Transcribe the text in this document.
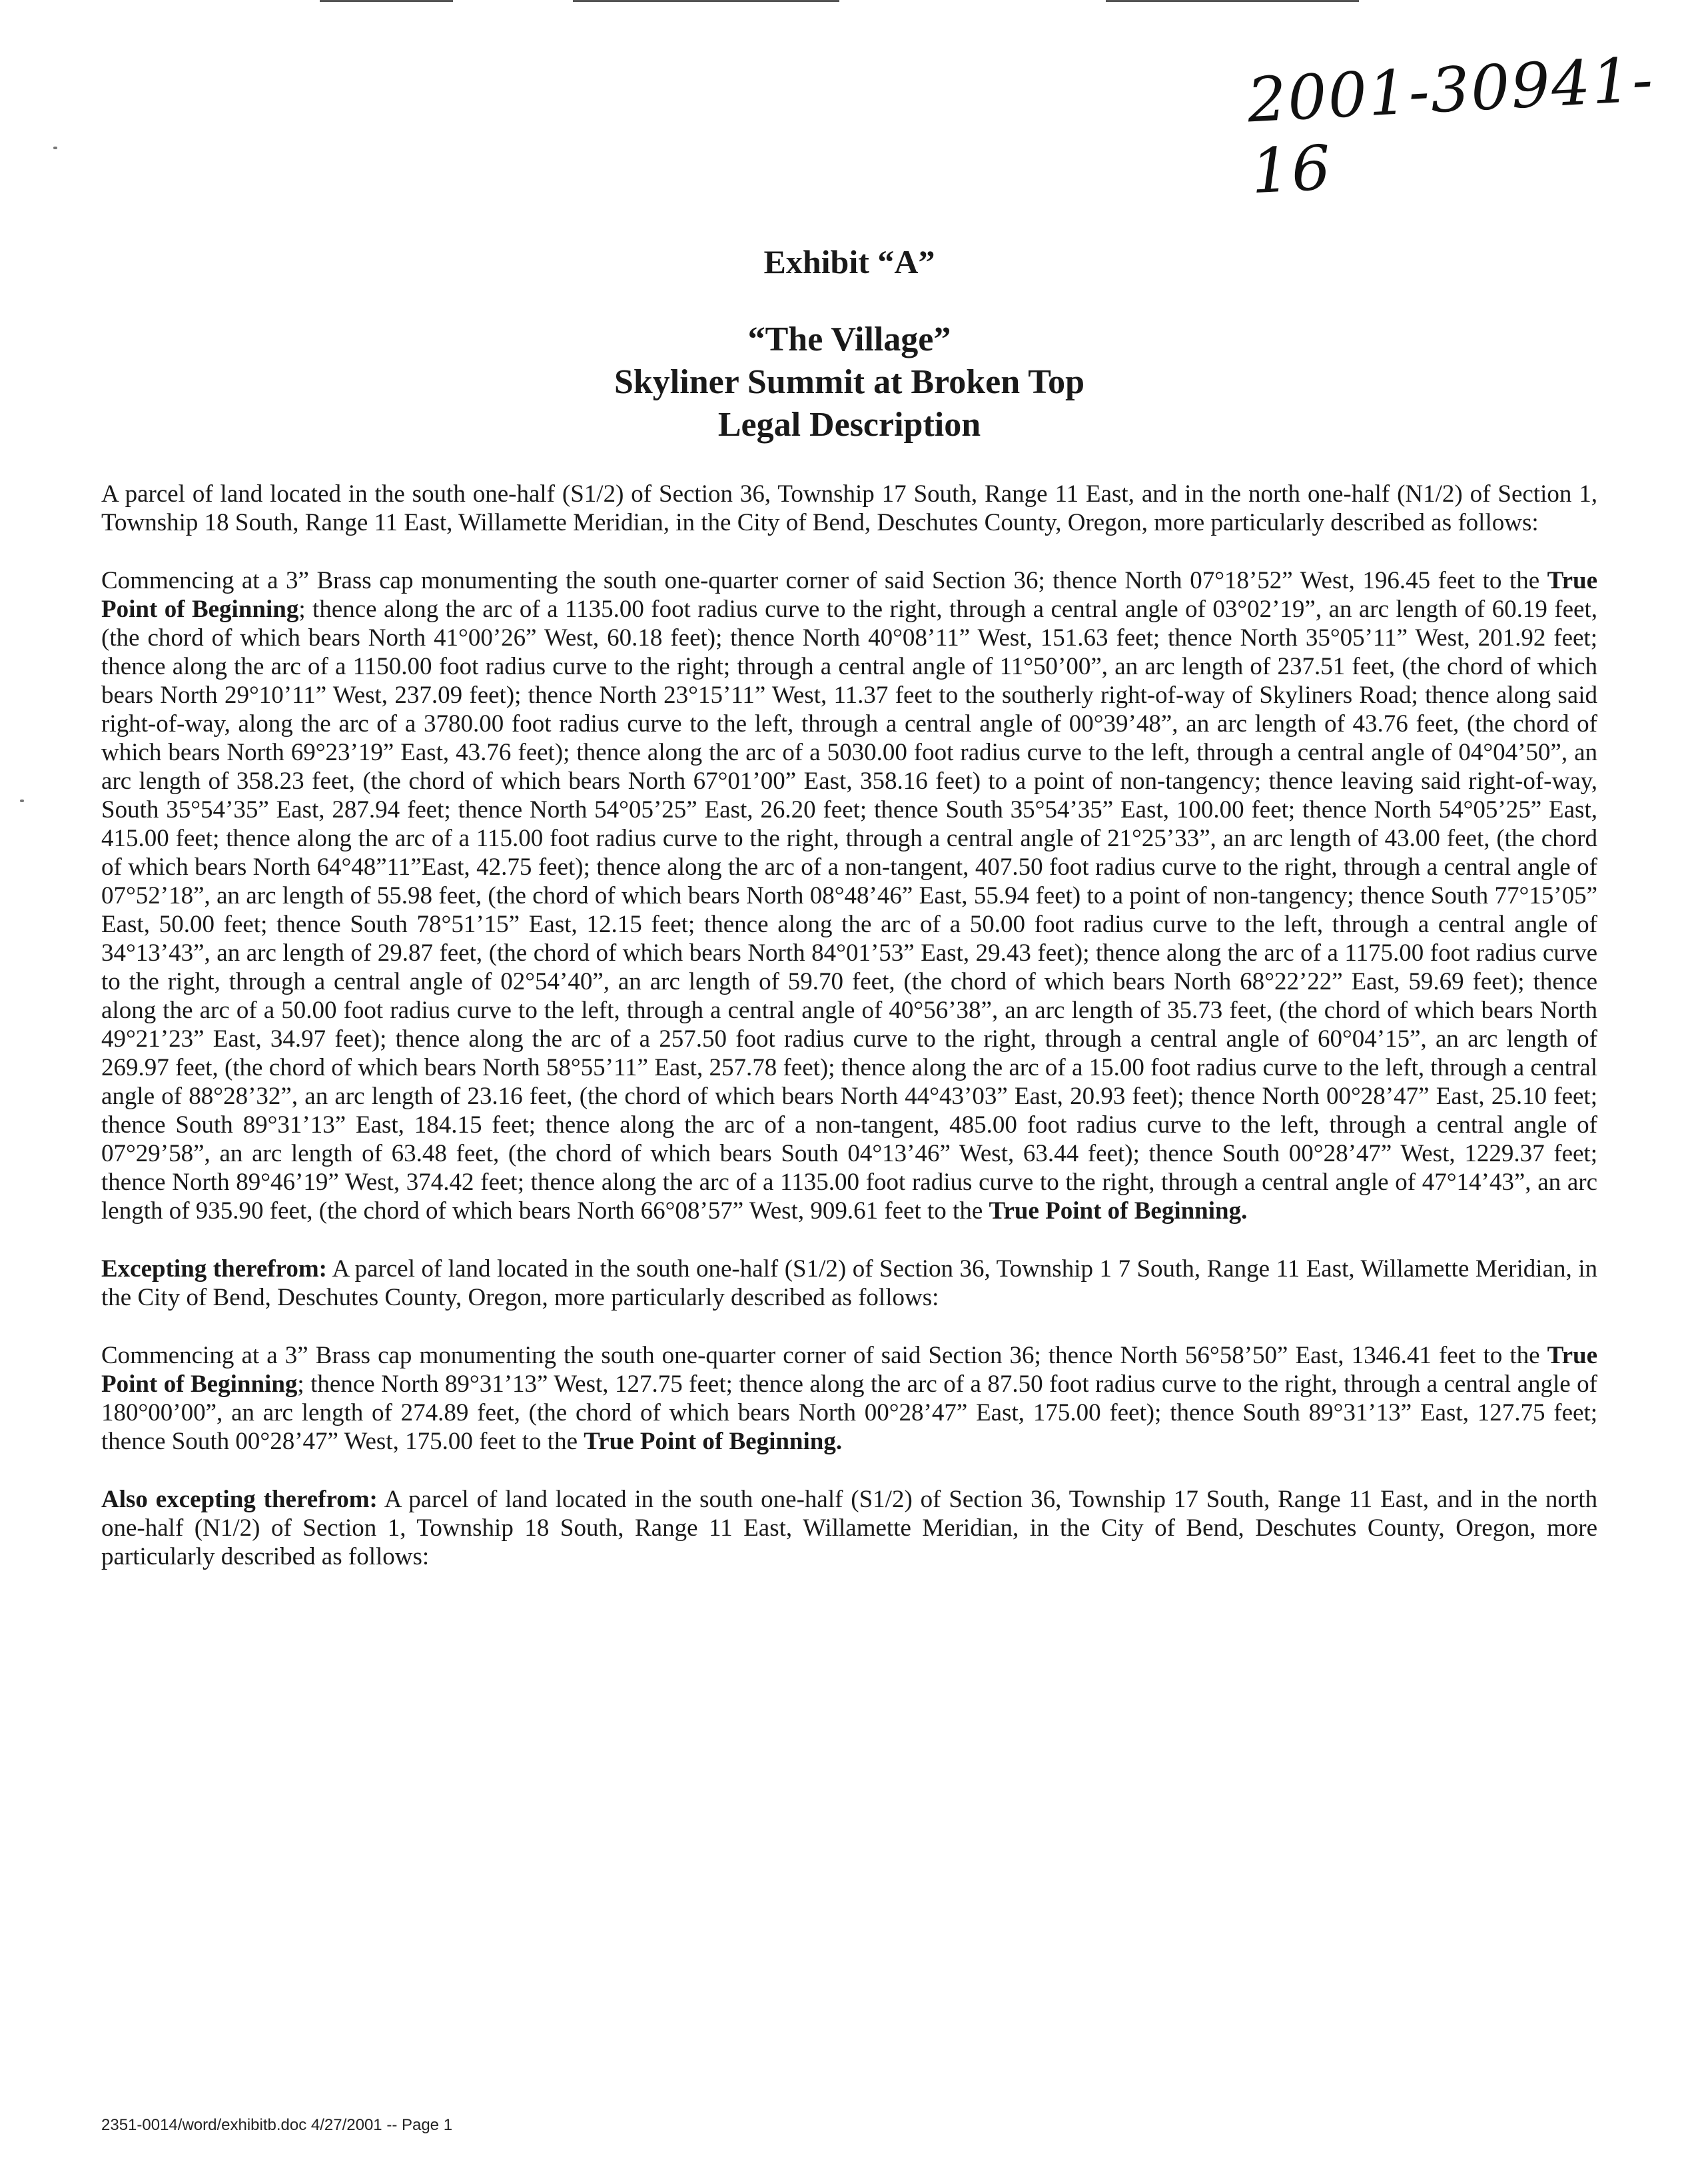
2001-30941-16
Exhibit “A”
“The Village”
Skyliner Summit at Broken Top
Legal Description

A parcel of land located in the south one-half (S1/2) of Section 36, Township 17 South, Range 11 East, and in the north one-half (N1/2) of Section 1, Township 18 South, Range 11 East, Willamette Meridian, in the City of Bend, Deschutes County, Oregon, more particularly described as follows:

Commencing at a 3” Brass cap monumenting the south one-quarter corner of said Section 36; thence North 07°18’52” West, 196.45 feet to the True Point of Beginning; thence along the arc of a 1135.00 foot radius curve to the right, through a central angle of 03°02’19”, an arc length of 60.19 feet, (the chord of which bears North 41°00’26” West, 60.18 feet); thence North 40°08’11” West, 151.63 feet; thence North 35°05’11” West, 201.92 feet; thence along the arc of a 1150.00 foot radius curve to the right; through a central angle of 11°50’00”, an arc length of 237.51 feet, (the chord of which bears North 29°10’11” West, 237.09 feet); thence North 23°15’11” West, 11.37 feet to the southerly right-of-way of Skyliners Road; thence along said right-of-way, along the arc of a 3780.00 foot radius curve to the left, through a central angle of 00°39’48”, an arc length of 43.76 feet, (the chord of which bears North 69°23’19” East, 43.76 feet); thence along the arc of a 5030.00 foot radius curve to the left, through a central angle of 04°04’50”, an arc length of 358.23 feet, (the chord of which bears North 67°01’00” East, 358.16 feet) to a point of non-tangency; thence leaving said right-of-way, South 35°54’35” East, 287.94 feet; thence North 54°05’25” East, 26.20 feet; thence South 35°54’35” East, 100.00 feet; thence North 54°05’25” East, 415.00 feet; thence along the arc of a 115.00 foot radius curve to the right, through a central angle of 21°25’33”, an arc length of 43.00 feet, (the chord of which bears North 64°48”11”East, 42.75 feet); thence along the arc of a non-tangent, 407.50 foot radius curve to the right, through a central angle of 07°52’18”, an arc length of 55.98 feet, (the chord of which bears North 08°48’46” East, 55.94 feet) to a point of non-tangency; thence South 77°15’05” East, 50.00 feet; thence South 78°51’15” East, 12.15 feet; thence along the arc of a 50.00 foot radius curve to the left, through a central angle of 34°13’43”, an arc length of 29.87 feet, (the chord of which bears North 84°01’53” East, 29.43 feet); thence along the arc of a 1175.00 foot radius curve to the right, through a central angle of 02°54’40”, an arc length of 59.70 feet, (the chord of which bears North 68°22’22” East, 59.69 feet); thence along the arc of a 50.00 foot radius curve to the left, through a central angle of 40°56’38”, an arc length of 35.73 feet, (the chord of which bears North 49°21’23” East, 34.97 feet); thence along the arc of a 257.50 foot radius curve to the right, through a central angle of 60°04’15”, an arc length of 269.97 feet, (the chord of which bears North 58°55’11” East, 257.78 feet); thence along the arc of a 15.00 foot radius curve to the left, through a central angle of 88°28’32”, an arc length of 23.16 feet, (the chord of which bears North 44°43’03” East, 20.93 feet); thence North 00°28’47” East, 25.10 feet; thence South 89°31’13” East, 184.15 feet; thence along the arc of a non-tangent, 485.00 foot radius curve to the left, through a central angle of 07°29’58”, an arc length of 63.48 feet, (the chord of which bears South 04°13’46” West, 63.44 feet); thence South 00°28’47” West, 1229.37 feet; thence North 89°46’19” West, 374.42 feet; thence along the arc of a 1135.00 foot radius curve to the right, through a central angle of 47°14’43”, an arc length of 935.90 feet, (the chord of which bears North 66°08’57” West, 909.61 feet to the True Point of Beginning.

Excepting therefrom: A parcel of land located in the south one-half (S1/2) of Section 36, Township 1 7 South, Range 11 East, Willamette Meridian, in the City of Bend, Deschutes County, Oregon, more particularly described as follows:

Commencing at a 3” Brass cap monumenting the south one-quarter corner of said Section 36; thence North 56°58’50” East, 1346.41 feet to the True Point of Beginning; thence North 89°31’13” West, 127.75 feet; thence along the arc of a 87.50 foot radius curve to the right, through a central angle of 180°00’00”, an arc length of 274.89 feet, (the chord of which bears North 00°28’47” East, 175.00 feet); thence South 89°31’13” East, 127.75 feet; thence South 00°28’47” West, 175.00 feet to the True Point of Beginning.

Also excepting therefrom: A parcel of land located in the south one-half (S1/2) of Section 36, Township 17 South, Range 11 East, and in the north one-half (N1/2) of Section 1, Township 18 South, Range 11 East, Willamette Meridian, in the City of Bend, Deschutes County, Oregon, more particularly described as follows:

2351-0014/word/exhibitb.doc 4/27/2001 -- Page 1
